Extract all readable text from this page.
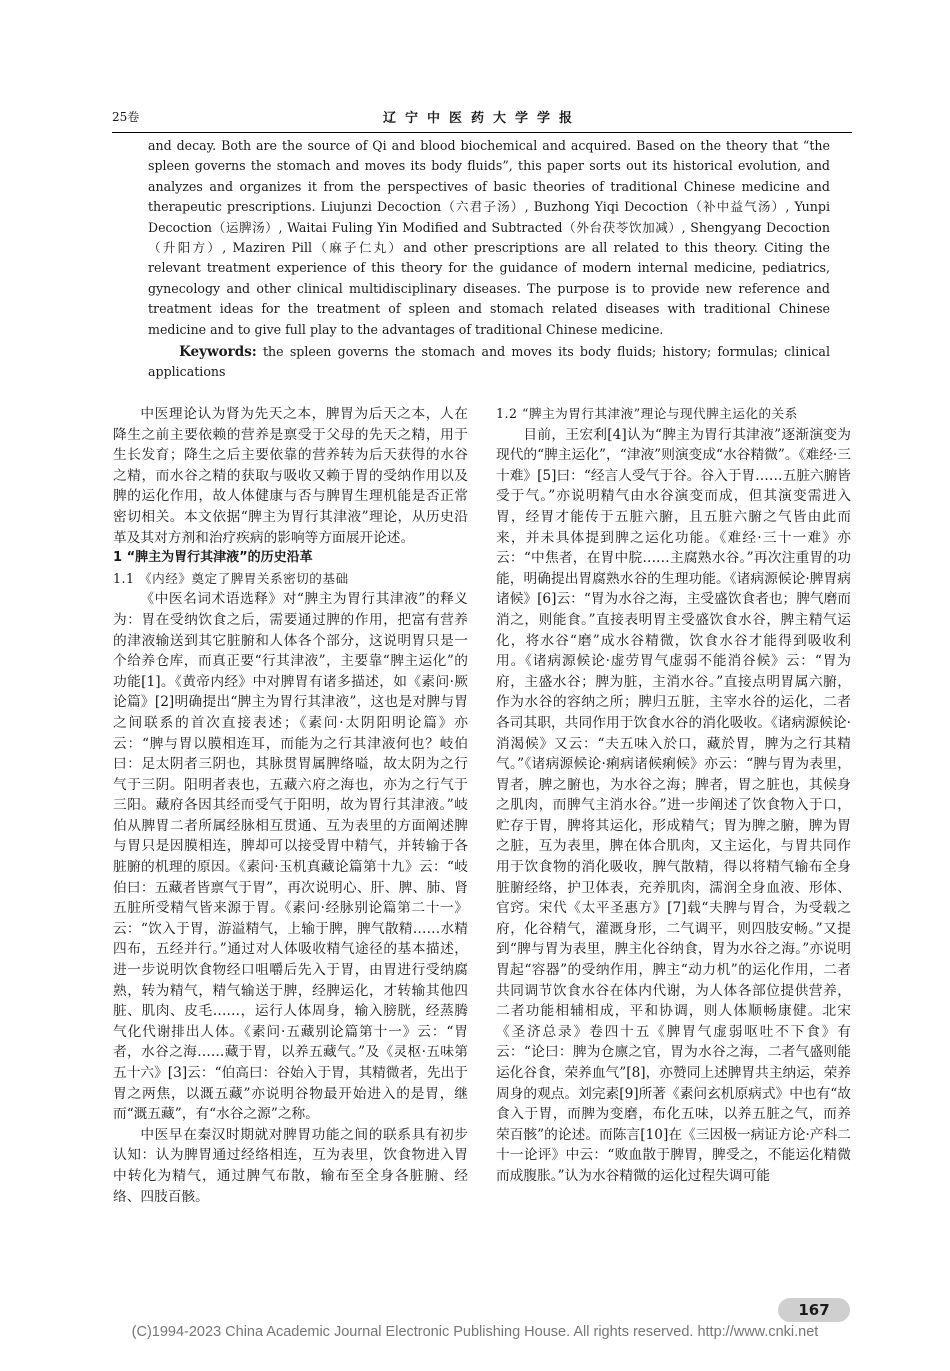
25卷	辽宁中医药大学学报

and decay. Both are the source of Qi and blood biochemical and acquired. Based on the theory that “the spleen governs the stomach and moves its body fluids”, this paper sorts out its historical evolution, and analyzes and organizes it from the perspectives of basic theories of traditional Chinese medicine and therapeutic prescriptions. Liujunzi Decoction（六君子汤）, Buzhong Yiqi Decoction（补中益气汤）, Yunpi Decoction（运脾汤）, Waitai Fuling Yin Modified and Subtracted（外台茯苓饮加减）, Shengyang Decoction（升阳方）, Maziren Pill（麻子仁丸）and other prescriptions are all related to this theory. Citing the relevant treatment experience of this theory for the guidance of modern internal medicine, pediatrics, gynecology and other clinical multidisciplinary diseases. The purpose is to provide new reference and treatment ideas for the treatment of spleen and stomach related diseases with traditional Chinese medicine and to give full play to the advantages of traditional Chinese medicine.

Keywords: the spleen governs the stomach and moves its body fluids; history; formulas; clinical applications

中医理论认为肾为先天之本，脾胃为后天之本，人在降生之前主要依赖的营养是禀受于父母的先天之精，用于生长发育；降生之后主要依靠的营养转为后天获得的水谷之精，而水谷之精的获取与吸收又赖于胃的受纳作用以及脾的运化作用，故人体健康与否与脾胃生理机能是否正常密切相关。本文依据“脾主为胃行其津液”理论，从历史沿革及其对方剂和治疗疾病的影响等方面展开论述。

1 “脾主为胃行其津液”的历史沿革

1.1 《内经》奠定了脾胃关系密切的基础

《中医名词术语选释》对“脾主为胃行其津液”的释义为：胃在受纳饮食之后，需要通过脾的作用，把富有营养的津液输送到其它脏腑和人体各个部分，这说明胃只是一个给养仓库，而真正要“行其津液”，主要靠“脾主运化”的功能[1]。《黄帝内经》中对脾胃有诸多描述，如《素问·厥论篇》[2]明确提出“脾主为胃行其津液”，这也是对脾与胃之间联系的首次直接表述；《素问·太阴阳明论篇》亦云：“脾与胃以膜相连耳，而能为之行其津液何也？岐伯曰：足太阴者三阴也，其脉贯胃属脾络嗌，故太阴为之行气于三阴。阳明者表也，五藏六府之海也，亦为之行气于三阳。藏府各因其经而受气于阳明，故为胃行其津液。”岐伯从脾胃二者所属经脉相互贯通、互为表里的方面阐述脾与胃只是因膜相连，脾却可以接受胃中精气，并转输于各脏腑的机理的原因。《素问·玉机真藏论篇第十九》云：“岐伯曰：五藏者皆禀气于胃”，再次说明心、肝、脾、肺、肾五脏所受精气皆来源于胃。《素问·经脉别论篇第二十一》云：“饮入于胃，游溢精气，上输于脾，脾气散精……水精四布，五经并行。”通过对人体吸收精气途径的基本描述，进一步说明饮食物经口咀嚼后先入于胃，由胃进行受纳腐熟，转为精气，精气输送于脾，经脾运化，才转输其他四脏、肌肉、皮毛……，运行人体周身，输入膀胱，经蒸腾气化代谢排出人体。《素问·五藏别论篇第十一》云：“胃者，水谷之海……藏于胃，以养五藏气。”及《灵枢·五味第五十六》[3]云：“伯高曰：谷始入于胃，其精微者，先出于胃之两焦，以溉五藏”亦说明谷物最开始进入的是胃，继而“溉五藏”，有“水谷之源”之称。

中医早在秦汉时期就对脾胃功能之间的联系具有初步认知：认为脾胃通过经络相连，互为表里，饮食物进入胃中转化为精气，通过脾气布散，输布至全身各脏腑、经络、四肢百骸。

1.2 “脾主为胃行其津液”理论与现代脾主运化的关系

目前，王宏利[4]认为“脾主为胃行其津液”逐渐演变为现代的“脾主运化”，“津液”则演变成“水谷精微”。《难经·三十难》[5]曰：“经言人受气于谷。谷入于胃……五脏六腑皆受于气。”亦说明精气由水谷演变而成，但其演变需进入胃，经胃才能传于五脏六腑，且五脏六腑之气皆由此而来，并未具体提到脾之运化功能。《难经·三十一难》亦云：“中焦者，在胃中脘……主腐熟水谷。”再次注重胃的功能，明确提出胃腐熟水谷的生理功能。《诸病源候论·脾胃病诸候》[6]云：“胃为水谷之海，主受盛饮食者也；脾气磨而消之，则能食。”直接表明胃主受盛饮食水谷，脾主精气运化，将水谷“磨”成水谷精微，饮食水谷才能得到吸收利用。《诸病源候论·虚劳胃气虚弱不能消谷候》云：“胃为府，主盛水谷；脾为脏，主消水谷。”直接点明胃属六腑，作为水谷的容纳之所；脾归五脏，主宰水谷的运化，二者各司其职，共同作用于饮食水谷的消化吸收。《诸病源候论·消渴候》又云：“夫五味入於口，藏於胃，脾为之行其精气。”《诸病源候论·痢病诸候痢候》亦云：“脾与胃为表里，胃者，脾之腑也，为水谷之海；脾者，胃之脏也，其候身之肌肉，而脾气主消水谷。”进一步阐述了饮食物入于口，贮存于胃，脾将其运化，形成精气；胃为脾之腑，脾为胃之脏，互为表里，脾在体合肌肉，又主运化，与胃共同作用于饮食物的消化吸收，脾气散精，得以将精气输布全身脏腑经络，护卫体表，充养肌肉，濡润全身血液、形体、官窍。宋代《太平圣惠方》[7]载“夫脾与胃合，为受载之府，化谷精气，灌溉身形，二气调平，则四肢安畅。”又提到“脾与胃为表里，脾主化谷纳食，胃为水谷之海。”亦说明胃起“容器”的受纳作用，脾主“动力机”的运化作用，二者共同调节饮食水谷在体内代谢，为人体各部位提供营养，二者功能相辅相成，平和协调，则人体顺畅康健。北宋《圣济总录》卷四十五《脾胃气虚弱呕吐不下食》有云：“论曰：脾为仓廪之官，胃为水谷之海，二者气盛则能运化谷食，荣养血气”[8]，亦赞同上述脾胃共主纳运，荣养周身的观点。刘完素[9]所著《素问玄机原病式》中也有“故食入于胃，而脾为变磨，布化五味，以养五脏之气，而养荣百骸”的论述。而陈言[10]在《三因极一病证方论·产科二十一论评》中云：“败血散于脾胃，脾受之，不能运化精微而成腹胀。”认为水谷精微的运化过程失调可能

167
(C)1994-2023 China Academic Journal Electronic Publishing House. All rights reserved. http://www.cnki.net
